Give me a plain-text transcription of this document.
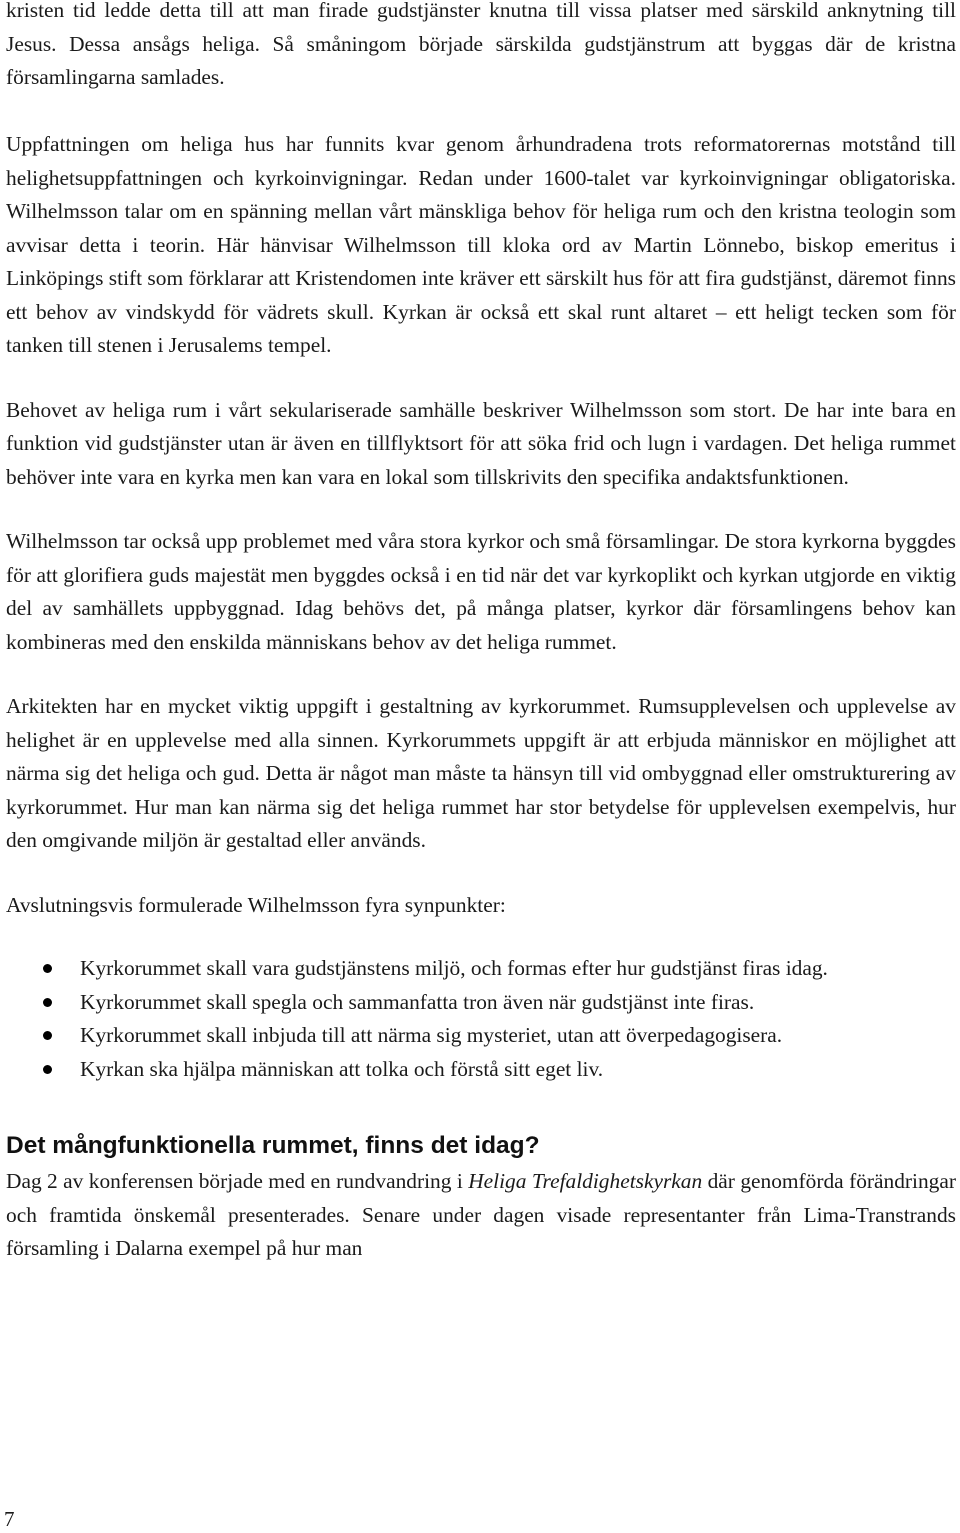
kristen tid ledde detta till att man firade gudstjänster knutna till vissa platser med särskild anknytning till Jesus. Dessa ansågs heliga. Så småningom började särskilda gudstjänstrum att byggas där de kristna församlingarna samlades.

Uppfattningen om heliga hus har funnits kvar genom århundradena trots reformatorernas motstånd till helighetsuppfattningen och kyrkoinvigningar. Redan under 1600-talet var kyrkoinvigningar obligatoriska. Wilhelmsson talar om en spänning mellan vårt mänskliga behov för heliga rum och den kristna teologin som avvisar detta i teorin. Här hänvisar Wilhelmsson till kloka ord av Martin Lönnebo, biskop emeritus i Linköpings stift som förklarar att Kristendomen inte kräver ett särskilt hus för att fira gudstjänst, däremot finns ett behov av vindskydd för vädrets skull. Kyrkan är också ett skal runt altaret – ett heligt tecken som för tanken till stenen i Jerusalems tempel.

Behovet av heliga rum i vårt sekulariserade samhälle beskriver Wilhelmsson som stort. De har inte bara en funktion vid gudstjänster utan är även en tillflyktsort för att söka frid och lugn i vardagen. Det heliga rummet behöver inte vara en kyrka men kan vara en lokal som tillskrivits den specifika andaktsfunktionen.

Wilhelmsson tar också upp problemet med våra stora kyrkor och små församlingar. De stora kyrkorna byggdes för att glorifiera guds majestät men byggdes också i en tid när det var kyrkoplikt och kyrkan utgjorde en viktig del av samhällets uppbyggnad. Idag behövs det, på många platser, kyrkor där församlingens behov kan kombineras med den enskilda människans behov av det heliga rummet.

Arkitekten har en mycket viktig uppgift i gestaltning av kyrkorummet. Rumsupplevelsen och upplevelse av helighet är en upplevelse med alla sinnen. Kyrkorummets uppgift är att erbjuda människor en möjlighet att närma sig det heliga och gud. Detta är något man måste ta hänsyn till vid ombyggnad eller omstrukturering av kyrkorummet. Hur man kan närma sig det heliga rummet har stor betydelse för upplevelsen exempelvis, hur den omgivande miljön är gestaltad eller används.

Avslutningsvis formulerade Wilhelmsson fyra synpunkter:

Kyrkorummet skall vara gudstjänstens miljö, och formas efter hur gudstjänst firas idag.
Kyrkorummet skall spegla och sammanfatta tron även när gudstjänst inte firas.
Kyrkorummet skall inbjuda till att närma sig mysteriet, utan att överpedagogisera.
Kyrkan ska hjälpa människan att tolka och förstå sitt eget liv.
Det mångfunktionella rummet, finns det idag?

Dag 2 av konferensen började med en rundvandring i Heliga Trefaldighetskyrkan där genomförda förändringar och framtida önskemål presenterades. Senare under dagen visade representanter från Lima-Transtrands församling i Dalarna exempel på hur man

7
